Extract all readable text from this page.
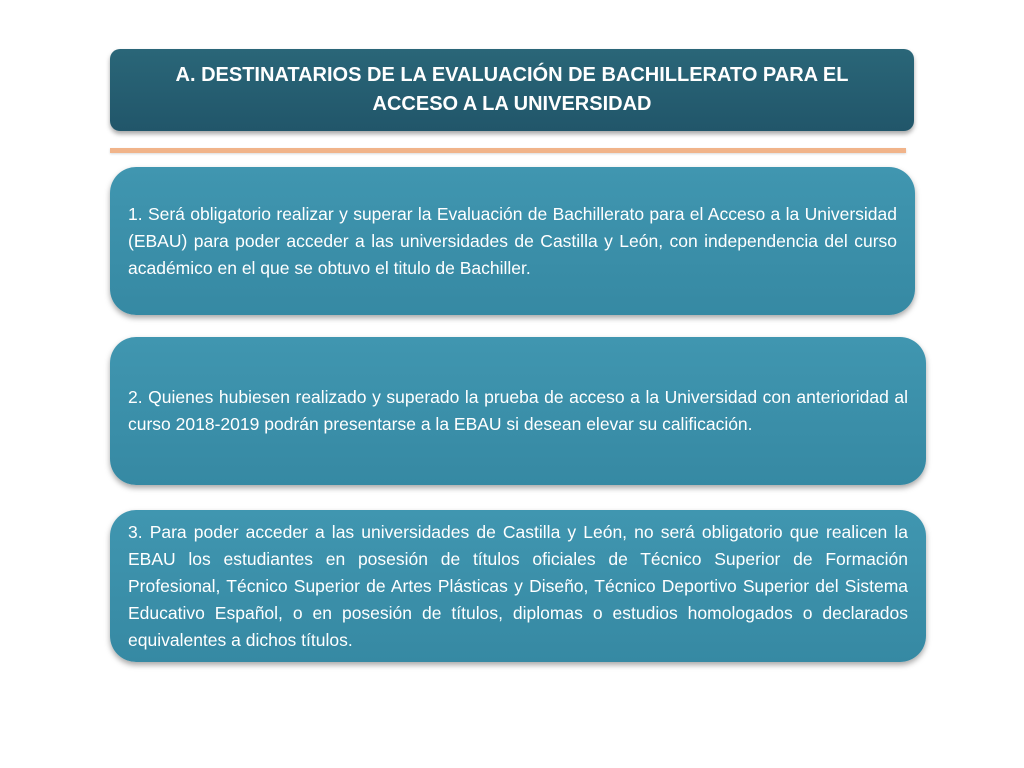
A. DESTINATARIOS DE LA EVALUACIÓN DE BACHILLERATO PARA EL ACCESO A LA UNIVERSIDAD

1. Será obligatorio realizar y superar la Evaluación de Bachillerato para el Acceso a la Universidad (EBAU) para poder acceder a las universidades de Castilla y León, con independencia del curso académico en el que se obtuvo el titulo de Bachiller.

2. Quienes hubiesen realizado y superado la prueba de acceso a la Universidad con anterioridad al curso 2018-2019 podrán presentarse a la EBAU si desean elevar su calificación.

3. Para poder acceder a las universidades de Castilla y León, no será obligatorio que realicen la EBAU los estudiantes en posesión de títulos oficiales de Técnico Superior de Formación Profesional, Técnico Superior de Artes Plásticas y Diseño, Técnico Deportivo Superior del Sistema Educativo Español, o en posesión de títulos, diplomas o estudios homologados o declarados equivalentes a dichos títulos.
